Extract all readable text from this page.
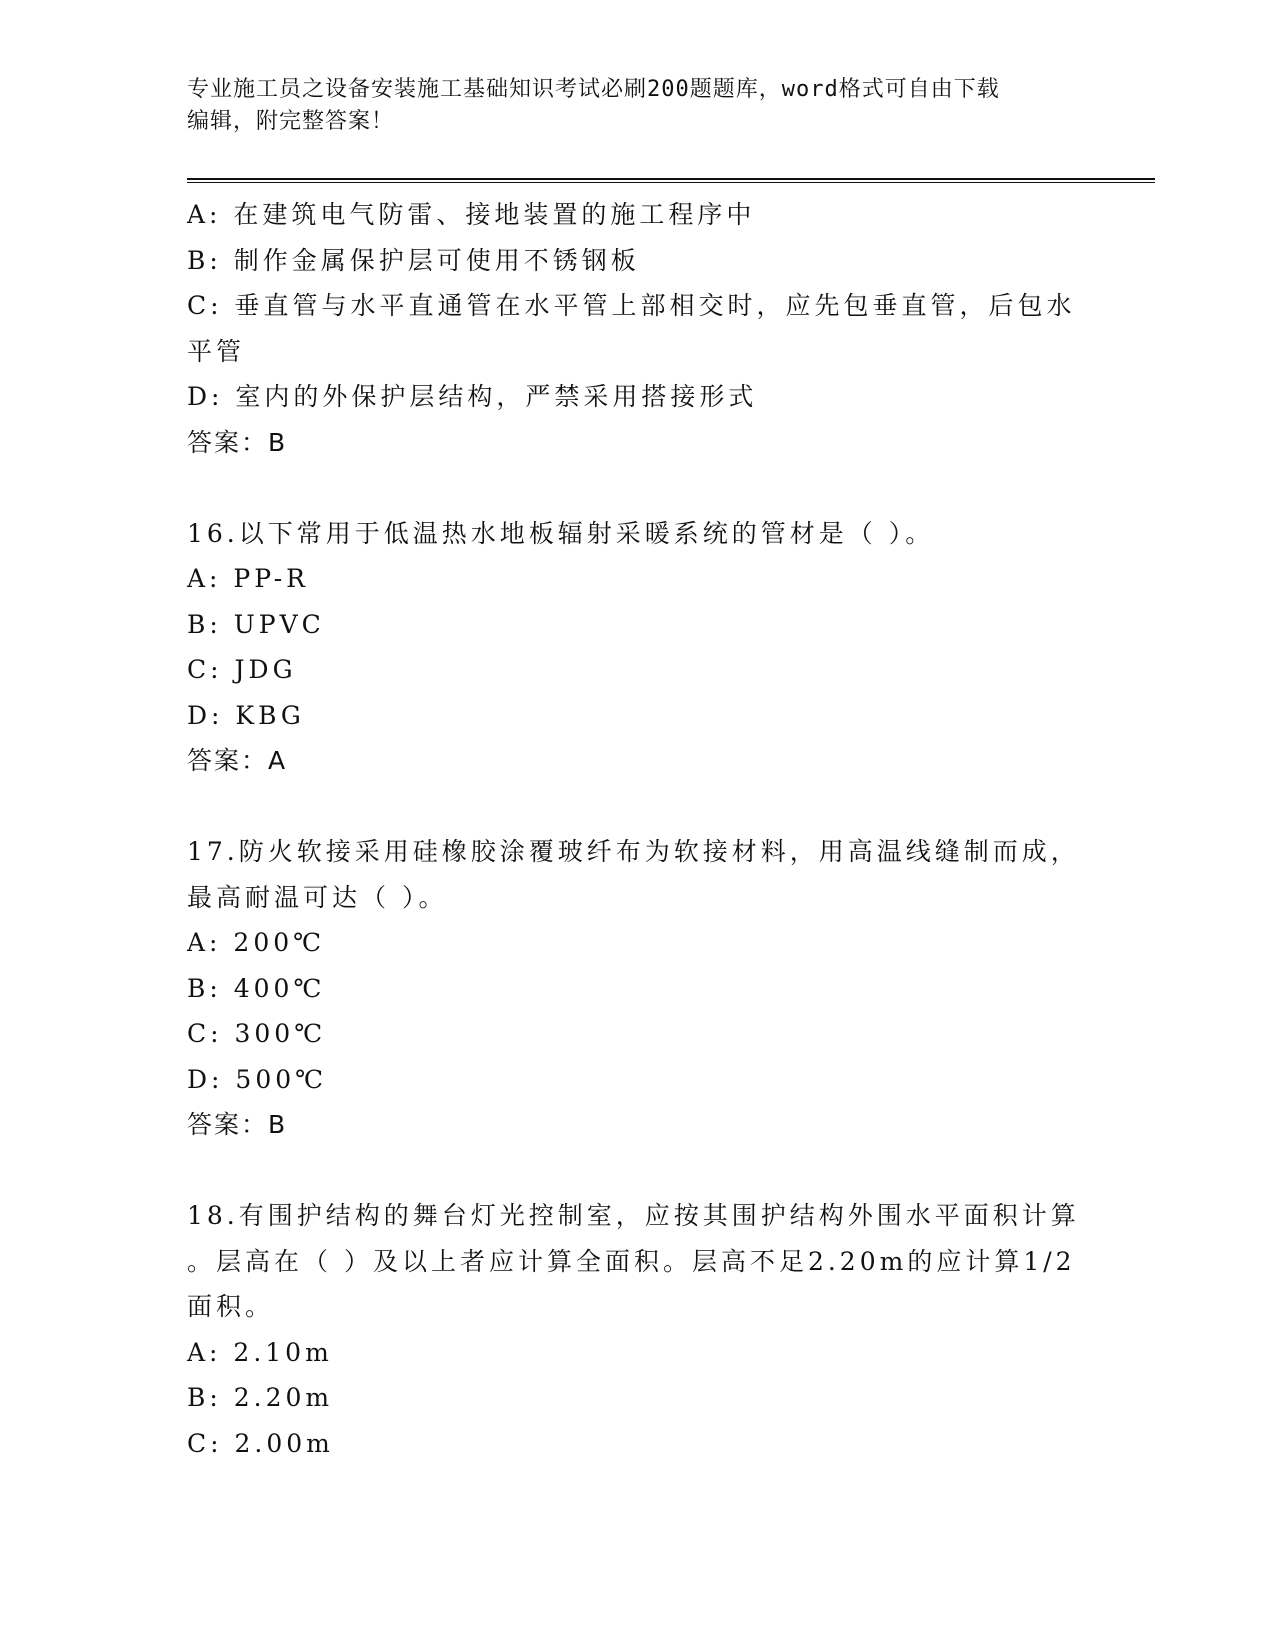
专业施工员之设备安装施工基础知识考试必刷200题题库，word格式可自由下载
编辑，附完整答案！
A: 在建筑电气防雷、接地装置的施工程序中
B: 制作金属保护层可使用不锈钢板
C: 垂直管与水平直通管在水平管上部相交时，应先包垂直管，后包水
平管
D: 室内的外保护层结构，严禁采用搭接形式
答案：B
16.以下常用于低温热水地板辐射采暖系统的管材是（ ）。
A: PP-R
B: UPVC
C: JDG
D: KBG
答案：A
17.防火软接采用硅橡胶涂覆玻纤布为软接材料，用高温线缝制而成，
最高耐温可达（ ）。
A: 200℃
B: 400℃
C: 300℃
D: 500℃
答案：B
18.有围护结构的舞台灯光控制室，应按其围护结构外围水平面积计算
。层高在（ ）及以上者应计算全面积。层高不足2.20m的应计算1/2
面积。
A: 2.10m
B: 2.20m
C: 2.00m
